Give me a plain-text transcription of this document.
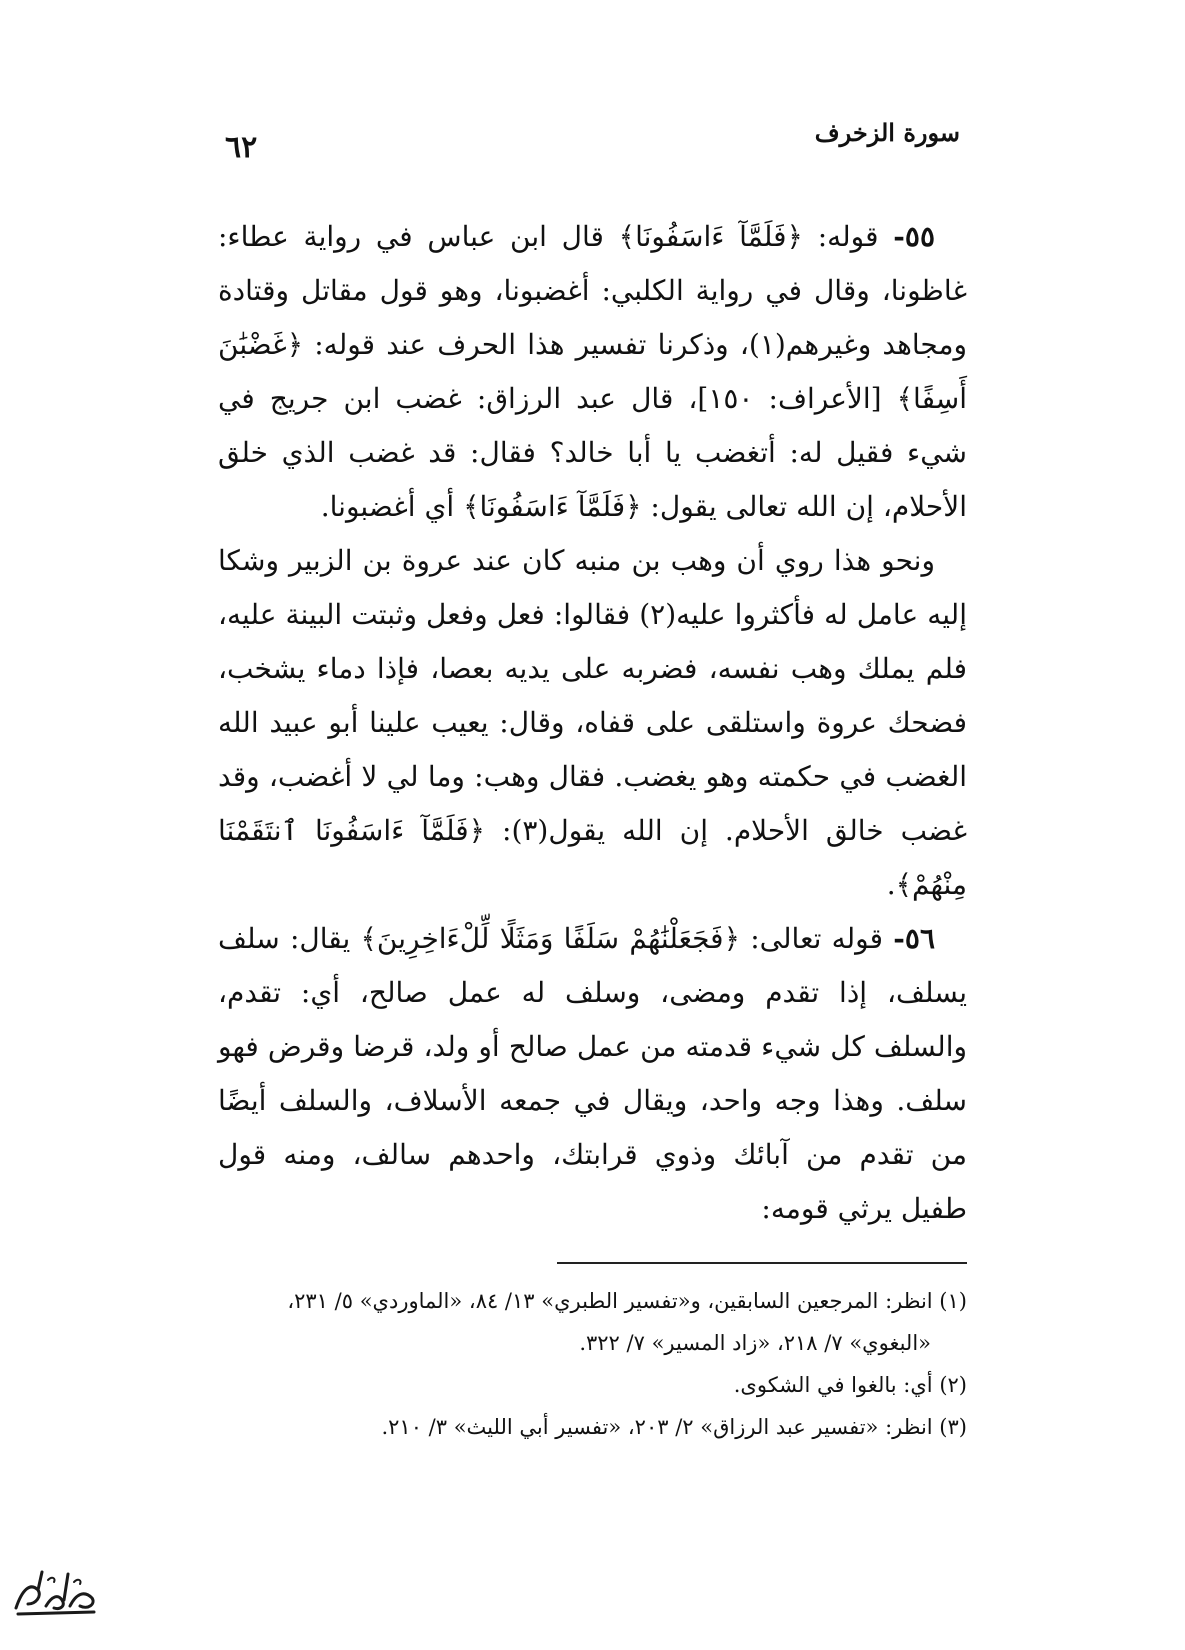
٦٢	سورة الزخرف

٥٥- قوله: ﴿فَلَمَّآ ءَاسَفُونَا﴾ قال ابن عباس في رواية عطاء: غاظونا، وقال في رواية الكلبي: أغضبونا، وهو قول مقاتل وقتادة ومجاهد وغيرهم(١)، وذكرنا تفسير هذا الحرف عند قوله: ﴿غَضْبَٰنَ أَسِفًا﴾ [الأعراف: ١٥٠]، قال عبد الرزاق: غضب ابن جريج في شيء فقيل له: أتغضب يا أبا خالد؟ فقال: قد غضب الذي خلق الأحلام، إن الله تعالى يقول: ﴿فَلَمَّآ ءَاسَفُونَا﴾ أي أغضبونا.

ونحو هذا روي أن وهب بن منبه كان عند عروة بن الزبير وشكا إليه عامل له فأكثروا عليه(٢) فقالوا: فعل وفعل وثبتت البينة عليه، فلم يملك وهب نفسه، فضربه على يديه بعصا، فإذا دماء يشخب، فضحك عروة واستلقى على قفاه، وقال: يعيب علينا أبو عبيد الله الغضب في حكمته وهو يغضب. فقال وهب: وما لي لا أغضب، وقد غضب خالق الأحلام. إن الله يقول(٣): ﴿فَلَمَّآ ءَاسَفُونَا ٱنتَقَمْنَا مِنْهُمْ﴾.

٥٦- قوله تعالى: ﴿فَجَعَلْنَٰهُمْ سَلَفًا وَمَثَلًا لِّلْءَاخِرِينَ﴾ يقال: سلف يسلف، إذا تقدم ومضى، وسلف له عمل صالح، أي: تقدم، والسلف كل شيء قدمته من عمل صالح أو ولد، قرضا وقرض فهو سلف. وهذا وجه واحد، ويقال في جمعه الأسلاف، والسلف أيضًا من تقدم من آبائك وذوي قرابتك، واحدهم سالف، ومنه قول طفيل يرثي قومه:

(١) انظر: المرجعين السابقين، و«تفسير الطبري» ١٣/ ٨٤، «الماوردي» ٥/ ٢٣١،

«البغوي» ٧/ ٢١٨، «زاد المسير» ٧/ ٣٢٢.

(٢) أي: بالغوا في الشكوى.

(٣) انظر: «تفسير عبد الرزاق» ٢/ ٢٠٣، «تفسير أبي الليث» ٣/ ٢١٠.
